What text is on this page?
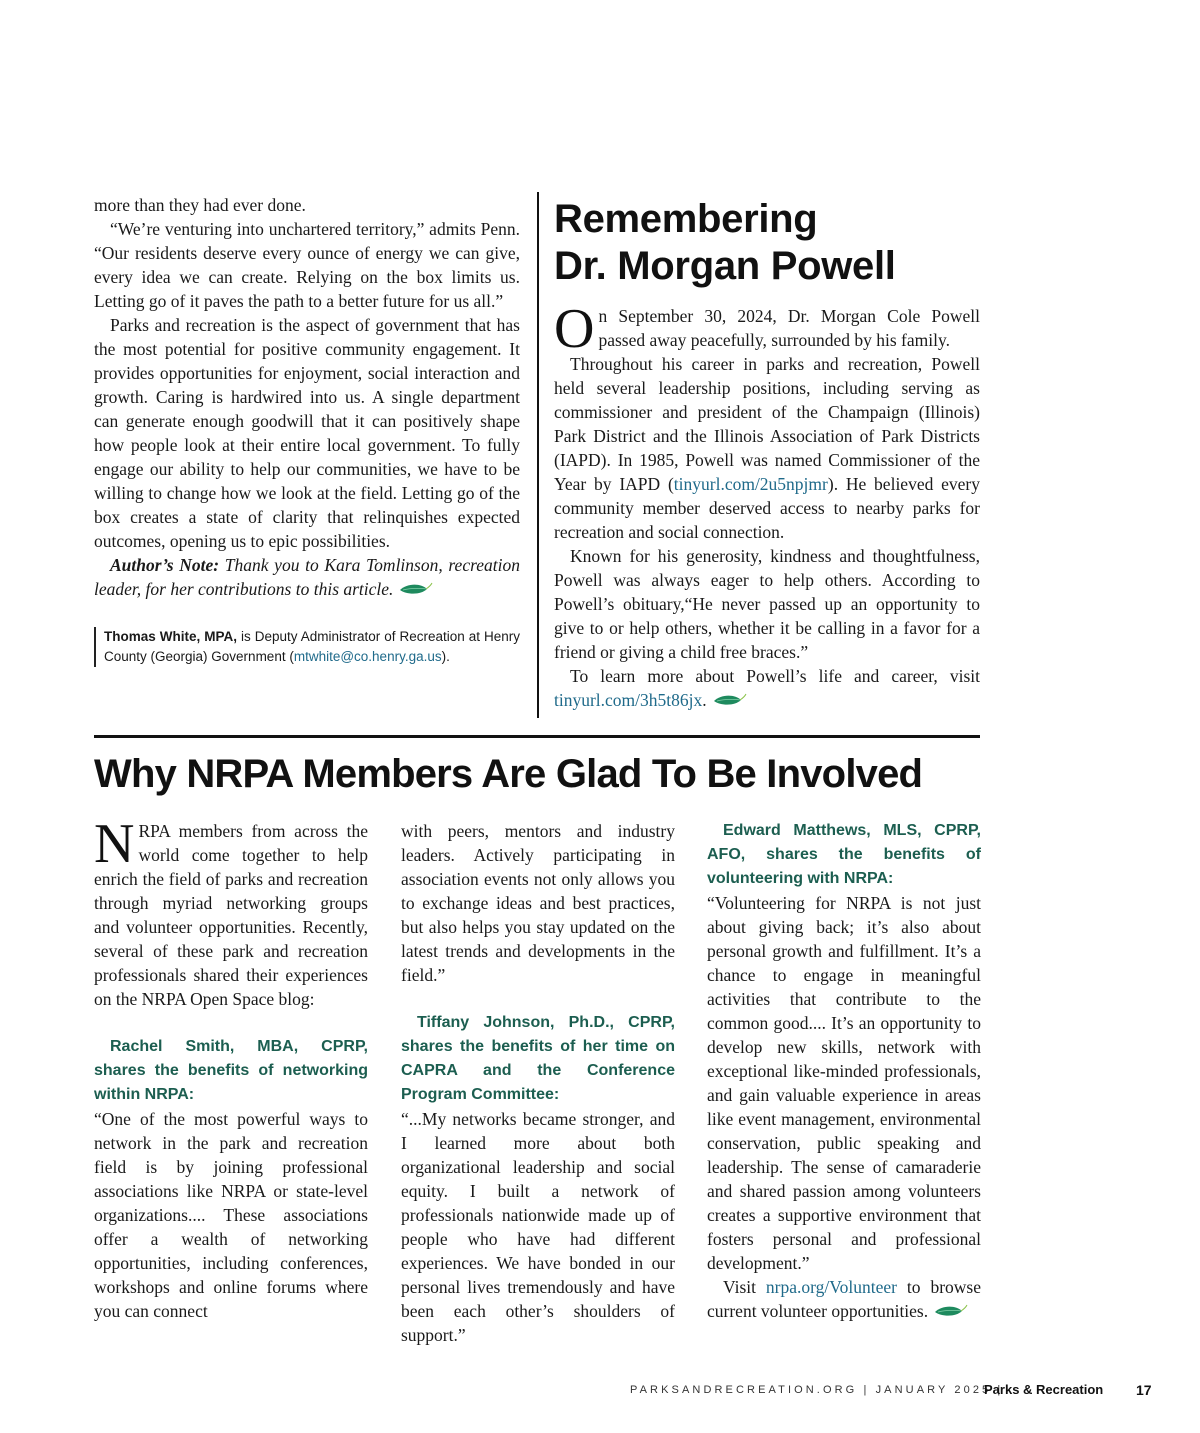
more than they had ever done.

“We’re venturing into unchartered territory,” admits Penn. “Our residents deserve every ounce of energy we can give, every idea we can create. Relying on the box limits us. Letting go of it paves the path to a better future for us all.”

Parks and recreation is the aspect of government that has the most potential for positive community engagement. It provides opportunities for enjoyment, social interaction and growth. Caring is hardwired into us. A single department can generate enough goodwill that it can positively shape how people look at their entire local government. To fully engage our ability to help our communities, we have to be willing to change how we look at the field. Letting go of the box creates a state of clarity that relinquishes expected outcomes, opening us to epic possibilities.

Author’s Note: Thank you to Kara Tomlinson, recreation leader, for her contributions to this article.

Thomas White, MPA, is Deputy Administrator of Recreation at Henry County (Georgia) Government (mtwhite@co.henry.ga.us).
Remembering
Dr. Morgan Powell

On September 30, 2024, Dr. Morgan Cole Powell passed away peacefully, surrounded by his family.

Throughout his career in parks and recreation, Powell held several leadership positions, including serving as commissioner and president of the Champaign (Illinois) Park District and the Illinois Association of Park Districts (IAPD). In 1985, Powell was named Commissioner of the Year by IAPD (tinyurl.com/2u5npjmr). He believed every community member deserved access to nearby parks for recreation and social connection.

Known for his generosity, kindness and thoughtfulness, Powell was always eager to help others. According to Powell’s obituary,“He never passed up an opportunity to give to or help others, whether it be calling in a favor for a friend or giving a child free braces.”

To learn more about Powell’s life and career, visit tinyurl.com/3h5t86jx.

Why NRPA Members Are Glad To Be Involved

NRPA members from across the world come together to help enrich the field of parks and recreation through myriad networking groups and volunteer opportunities. Recently, several of these park and recreation professionals shared their experiences on the NRPA Open Space blog:

Rachel Smith, MBA, CPRP, shares the benefits of networking within NRPA:

“One of the most powerful ways to network in the park and recreation field is by joining professional associations like NRPA or state-level organizations.... These associations offer a wealth of networking opportunities, including conferences, workshops and online forums where you can connect

with peers, mentors and industry leaders. Actively participating in association events not only allows you to exchange ideas and best practices, but also helps you stay updated on the latest trends and developments in the field.”

Tiffany Johnson, Ph.D., CPRP, shares the benefits of her time on CAPRA and the Conference Program Committee:

“...My networks became stronger, and I learned more about both organizational leadership and social equity. I built a network of professionals nationwide made up of people who have had different experiences. We have bonded in our personal lives tremendously and have been each other’s shoulders of support.”

Edward Matthews, MLS, CPRP, AFO, shares the benefits of volunteering with NRPA:

“Volunteering for NRPA is not just about giving back; it’s also about personal growth and fulfillment. It’s a chance to engage in meaningful activities that contribute to the common good.... It’s an opportunity to develop new skills, network with exceptional like-minded professionals, and gain valuable experience in areas like event management, environmental conservation, public speaking and leadership. The sense of camaraderie and shared passion among volunteers creates a supportive environment that fosters personal and professional development.”

Visit nrpa.org/Volunteer to browse current volunteer opportunities.

PARKSANDRECREATION.ORG | JANUARY 2025 |
Parks & Recreation 17
